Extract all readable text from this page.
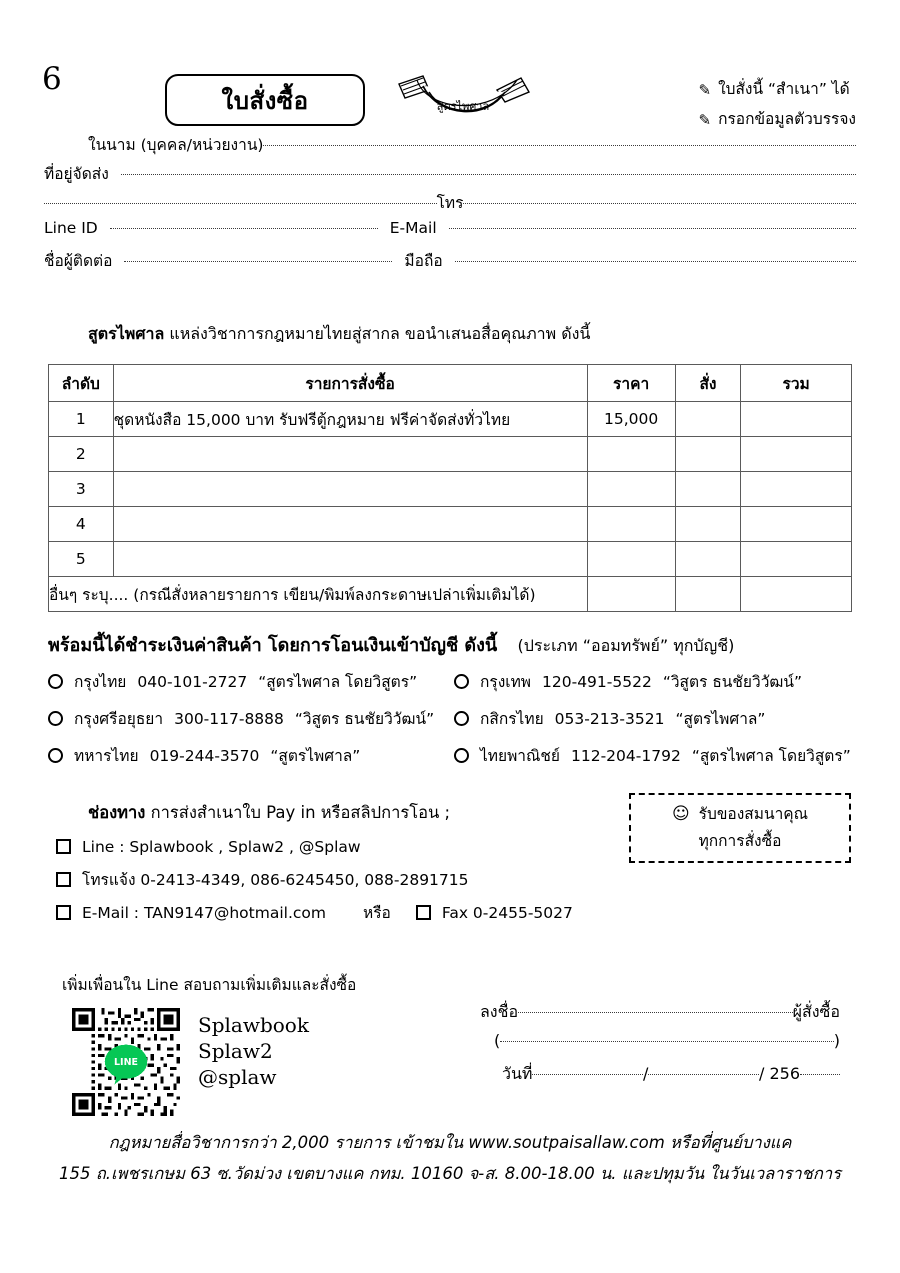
6
ใบสั่งซื้อ	สูตรไพศาล
✎ ใบสั่งนี้ “สำเนา” ได้
✎ กรอกข้อมูลตัวบรรจง
ในนาม (บุคคล/หน่วยงาน)
ที่อยู่จัดส่ง
โทร
Line ID	E-Mail
ชื่อผู้ติดต่อ	มือถือ
สูตรไพศาล แหล่งวิชาการกฎหมายไทยสู่สากล ขอนำเสนอสื่อคุณภาพ ดังนี้
ลำดับ	รายการสั่งซื้อ	ราคา	สั่ง	รวม
1	ชุดหนังสือ 15,000 บาท รับฟรีตู้กฎหมาย ฟรีค่าจัดส่งทั่วไทย	15,000		
2				
3				
4				
5				
อื่นๆ ระบุ.... (กรณีสั่งหลายรายการ เขียน/พิมพ์ลงกระดาษเปล่าเพิ่มเติมได้)				
พร้อมนี้ได้ชำระเงินค่าสินค้า โดยการโอนเงินเข้าบัญชี ดังนี้ (ประเภท “ออมทรัพย์” ทุกบัญชี)
กรุงไทย 040-101-2727 “สูตรไพศาล โดยวิสูตร”	กรุงเทพ 120-491-5522 “วิสูตร ธนชัยวิวัฒน์”
กรุงศรีอยุธยา 300-117-8888 “วิสูตร ธนชัยวิวัฒน์”	กสิกรไทย 053-213-3521 “สูตรไพศาล”
ทหารไทย 019-244-3570 “สูตรไพศาล”	ไทยพาณิชย์ 112-204-1792 “สูตรไพศาล โดยวิสูตร”
ช่องทาง การส่งสำเนาใบ Pay in หรือสลิปการโอน ;
Line : Splawbook , Splaw2 , @Splaw
โทรแจ้ง 0-2413-4349, 086-6245450, 088-2891715
E-Mail : TAN9147@hotmail.com	หรือ	Fax 0-2455-5027
☺ รับของสมนาคุณ
ทุกการสั่งซื้อ
เพิ่มเพื่อนใน Line สอบถามเพิ่มเติมและสั่งซื้อ
LINE
Splawbook
Splaw2
@splaw
ลงชื่อ	ผู้สั่งซื้อ
(	)
วันที่	/	/ 256
กฎหมายสื่อวิชาการกว่า 2,000 รายการ เข้าชมใน www.soutpaisallaw.com หรือที่ศูนย์บางแค
155 ถ.เพชรเกษม 63 ซ.วัดม่วง เขตบางแค กทม. 10160 จ-ส. 8.00-18.00 น. และปทุมวัน ในวันเวลาราชการ
